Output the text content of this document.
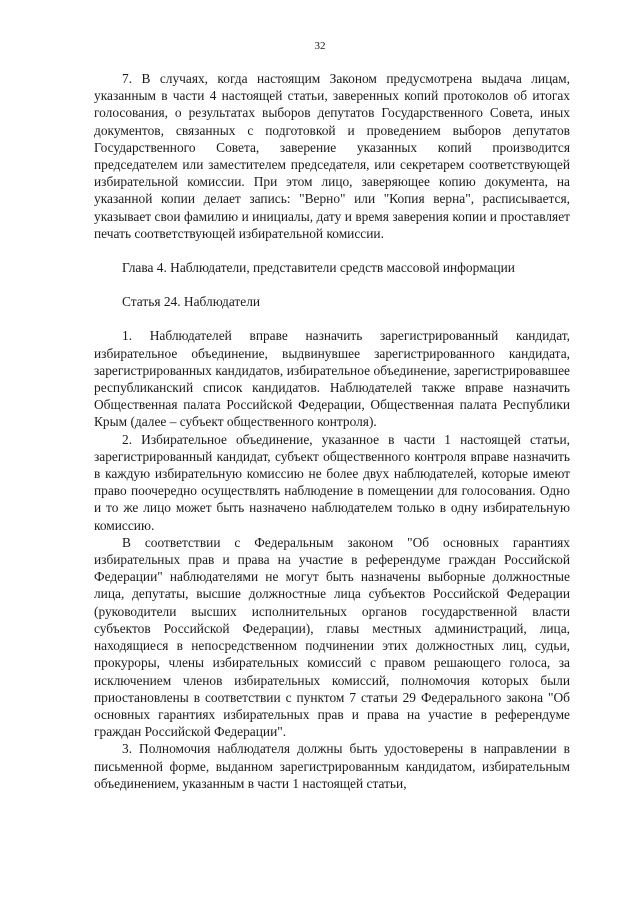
32

7. В случаях, когда настоящим Законом предусмотрена выдача лицам, указанным в части 4 настоящей статьи, заверенных копий протоколов об итогах голосования, о результатах выборов депутатов Государственного Совета, иных документов, связанных с подготовкой и проведением выборов депутатов Государственного Совета, заверение указанных копий производится председателем или заместителем председателя, или секретарем соответствующей избирательной комиссии. При этом лицо, заверяющее копию документа, на указанной копии делает запись: "Верно" или "Копия верна", расписывается, указывает свои фамилию и инициалы, дату и время заверения копии и проставляет печать соответствующей избирательной комиссии.

Глава 4. Наблюдатели, представители средств массовой информации

Статья 24. Наблюдатели

1. Наблюдателей вправе назначить зарегистрированный кандидат, избирательное объединение, выдвинувшее зарегистрированного кандидата, зарегистрированных кандидатов, избирательное объединение, зарегистрировавшее республиканский список кандидатов. Наблюдателей также вправе назначить Общественная палата Российской Федерации, Общественная палата Республики Крым (далее – субъект общественного контроля).

2. Избирательное объединение, указанное в части 1 настоящей статьи, зарегистрированный кандидат, субъект общественного контроля вправе назначить в каждую избирательную комиссию не более двух наблюдателей, которые имеют право поочередно осуществлять наблюдение в помещении для голосования. Одно и то же лицо может быть назначено наблюдателем только в одну избирательную комиссию.

В соответствии с Федеральным законом "Об основных гарантиях избирательных прав и права на участие в референдуме граждан Российской Федерации" наблюдателями не могут быть назначены выборные должностные лица, депутаты, высшие должностные лица субъектов Российской Федерации (руководители высших исполнительных органов государственной власти субъектов Российской Федерации), главы местных администраций, лица, находящиеся в непосредственном подчинении этих должностных лиц, судьи, прокуроры, члены избирательных комиссий с правом решающего голоса, за исключением членов избирательных комиссий, полномочия которых были приостановлены в соответствии с пунктом 7 статьи 29 Федерального закона "Об основных гарантиях избирательных прав и права на участие в референдуме граждан Российской Федерации".

3. Полномочия наблюдателя должны быть удостоверены в направлении в письменной форме, выданном зарегистрированным кандидатом, избирательным объединением, указанным в части 1 настоящей статьи,
